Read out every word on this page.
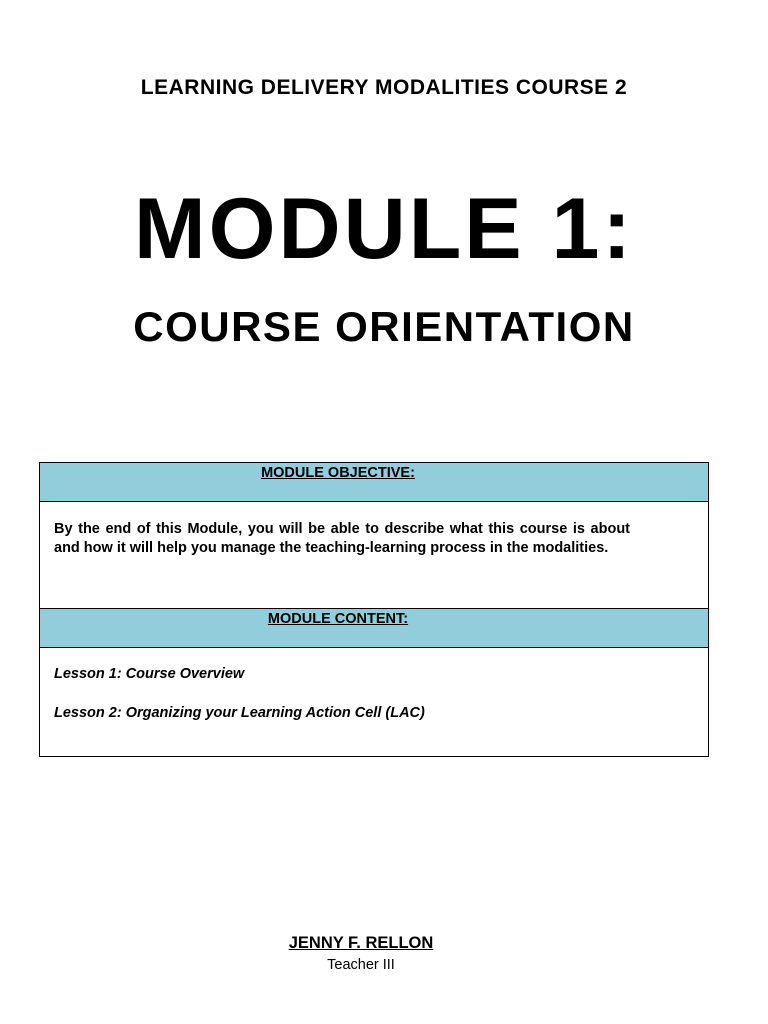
LEARNING DELIVERY MODALITIES COURSE 2
MODULE 1:
COURSE ORIENTATION
MODULE OBJECTIVE:
By the end of this Module, you will be able to describe what this course is about and how it will help you manage the teaching-learning process in the modalities.
MODULE CONTENT:
Lesson 1: Course Overview
Lesson 2: Organizing your Learning Action Cell (LAC)
JENNY F. RELLON
Teacher III
